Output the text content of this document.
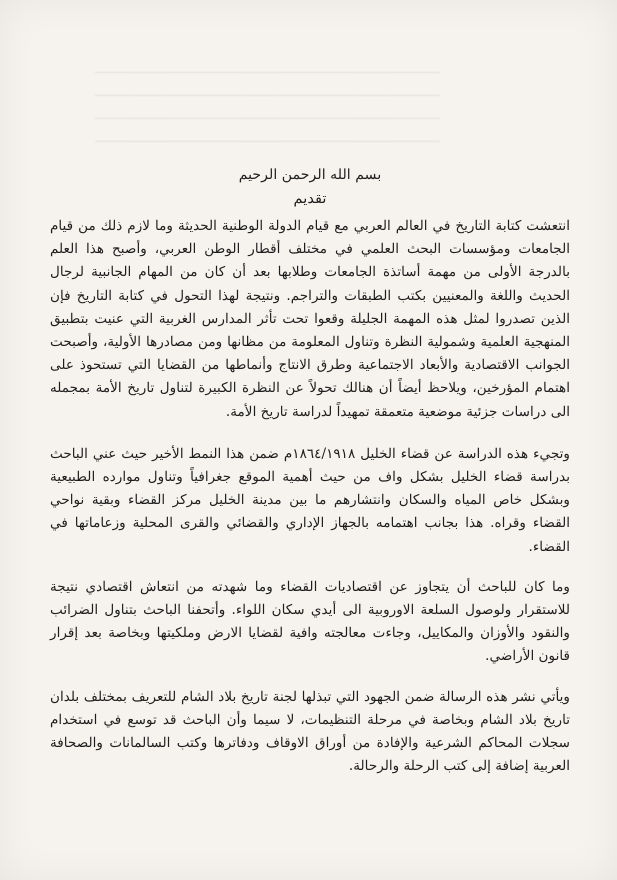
ــــــــــــــــــــــــــــــــــــــــــــــــــــــــــــــــــــــــــــــــــــــــــــــــــ
ــــــــــــــــــــــــــــــــــــــــــــــــــــــــــــــــــــــــــــــــــــــــــــــــــ
ــــــــــــــــــــــــــــــــــــــــــــــــــــــــــــــــــــــــــــــــــــــــــــــــــ
ــــــــــــــــــــــــــــــــــــــــــــــــــــــــــــــــــــــــــــــــــــــــــــــــــ

بسم الله الرحمن الرحيم

تقديم

انتعشت كتابة التاريخ في العالم العربي مع قيام الدولة الوطنية الحديثة وما لازم ذلك من قيام الجامعات ومؤسسات البحث العلمي في مختلف أقطار الوطن العربي، وأصبح هذا العلم بالدرجة الأولى من مهمة أساتذة الجامعات وطلابها بعد أن كان من المهام الجانبية لرجال الحديث واللغة والمعنيين بكتب الطبقات والتراجم. ونتيجة لهذا التحول في كتابة التاريخ فإن الذين تصدروا لمثل هذه المهمة الجليلة وقعوا تحت تأثر المدارس الغربية التي عنيت بتطبيق المنهجية العلمية وشمولية النظرة وتناول المعلومة من مظانها ومن مصادرها الأولية، وأصبحت الجوانب الاقتصادية والأبعاد الاجتماعية وطرق الانتاج وأنماطها من القضايا التي تستحوذ على اهتمام المؤرخين، ويلاحظ أيضاً أن هنالك تحولاً عن النظرة الكبيرة لتناول تاريخ الأمة بمجمله الى دراسات جزئية موضعية متعمقة تمهيداً لدراسة تاريخ الأمة.

وتجيء هذه الدراسة عن قضاء الخليل ١٨٦٤/١٩١٨م ضمن هذا النمط الأخير حيث عني الباحث بدراسة قضاء الخليل بشكل واف من حيث أهمية الموقع جغرافياً وتناول موارده الطبيعية وبشكل خاص المياه والسكان وانتشارهم ما بين مدينة الخليل مركز القضاء وبقية نواحي القضاء وقراه. هذا بجانب اهتمامه بالجهاز الإداري والقضائي والقرى المحلية وزعاماتها في القضاء.

وما كان للباحث أن يتجاوز عن اقتصاديات القضاء وما شهدته من انتعاش اقتصادي نتيجة للاستقرار ولوصول السلعة الاوروبية الى أيدي سكان اللواء. وأتحفنا الباحث بتناول الضرائب والنقود والأوزان والمكاييل، وجاءت معالجته وافية لقضايا الارض وملكيتها وبخاصة بعد إقرار قانون الأراضي.

ويأتي نشر هذه الرسالة ضمن الجهود التي تبذلها لجنة تاريخ بلاد الشام للتعريف بمختلف بلدان تاريخ بلاد الشام وبخاصة في مرحلة التنظيمات، لا سيما وأن الباحث قد توسع في استخدام سجلات المحاكم الشرعية والإفادة من أوراق الاوقاف ودفاترها وكتب السالمانات والصحافة العربية إضافة إلى كتب الرحلة والرحالة.
